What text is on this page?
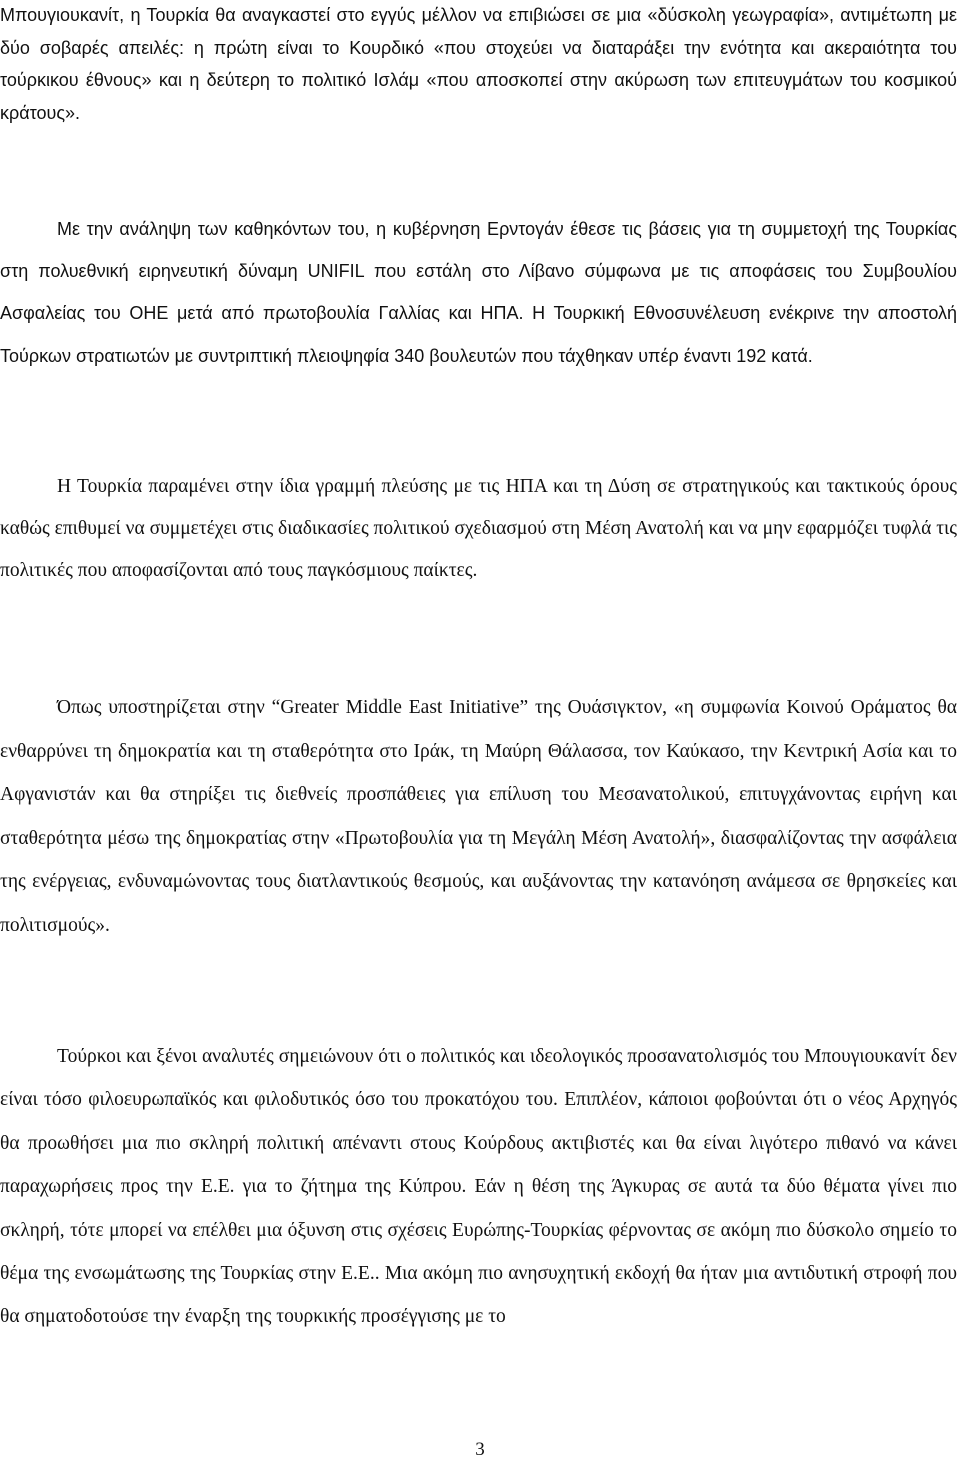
Μπουγιουκανίτ, η Τουρκία θα αναγκαστεί στο εγγύς μέλλον να επιβιώσει σε μια «δύσκολη γεωγραφία», αντιμέτωπη με δύο σοβαρές απειλές: η πρώτη είναι το Κουρδικό «που στοχεύει να διαταράξει την ενότητα και ακεραιότητα του τούρκικου έθνους» και η δεύτερη το πολιτικό Ισλάμ «που αποσκοπεί στην ακύρωση των επιτευγμάτων του κοσμικού κράτους».

Με την ανάληψη των καθηκόντων του, η κυβέρνηση Ερντογάν έθεσε τις βάσεις για τη συμμετοχή της Τουρκίας στη πολυεθνική ειρηνευτική δύναμη UNIFIL που εστάλη στο Λίβανο σύμφωνα με τις αποφάσεις του Συμβουλίου Ασφαλείας του ΟΗΕ μετά από πρωτοβουλία Γαλλίας και ΗΠΑ. Η Τουρκική Εθνοσυνέλευση ενέκρινε την αποστολή Τούρκων στρατιωτών με συντριπτική πλειοψηφία 340 βουλευτών που τάχθηκαν υπέρ έναντι 192 κατά.

Η Τουρκία παραμένει στην ίδια γραμμή πλεύσης με τις ΗΠΑ και τη Δύση σε στρατηγικούς και τακτικούς όρους καθώς επιθυμεί να συμμετέχει στις διαδικασίες πολιτικού σχεδιασμού στη Μέση Ανατολή και να μην εφαρμόζει τυφλά τις πολιτικές που αποφασίζονται από τους παγκόσμιους παίκτες.

Όπως υποστηρίζεται στην “Greater Middle East Initiative” της Ουάσιγκτον, «η συμφωνία Κοινού Οράματος θα ενθαρρύνει τη δημοκρατία και τη σταθερότητα στο Ιράκ, τη Μαύρη Θάλασσα, τον Καύκασο, την Κεντρική Ασία και το Αφγανιστάν και θα στηρίξει τις διεθνείς προσπάθειες για επίλυση του Μεσανατολικού, επιτυγχάνοντας ειρήνη και σταθερότητα μέσω της δημοκρατίας στην «Πρωτοβουλία για τη Μεγάλη Μέση Ανατολή», διασφαλίζοντας την ασφάλεια της ενέργειας, ενδυναμώνοντας τους διατλαντικούς θεσμούς, και αυξάνοντας την κατανόηση ανάμεσα σε θρησκείες και πολιτισμούς».

Τούρκοι και ξένοι αναλυτές σημειώνουν ότι ο πολιτικός και ιδεολογικός προσανατολισμός του Μπουγιουκανίτ δεν είναι τόσο φιλοευρωπαϊκός και φιλοδυτικός όσο του προκατόχου του. Επιπλέον, κάποιοι φοβούνται ότι ο νέος Αρχηγός θα προωθήσει μια πιο σκληρή πολιτική απέναντι στους Κούρδους ακτιβιστές και θα είναι λιγότερο πιθανό να κάνει παραχωρήσεις προς την Ε.Ε. για το ζήτημα της Κύπρου. Εάν η θέση της Άγκυρας σε αυτά τα δύο θέματα γίνει πιο σκληρή, τότε μπορεί να επέλθει μια όξυνση στις σχέσεις Ευρώπης-Τουρκίας φέρνοντας σε ακόμη πιο δύσκολο σημείο το θέμα της ενσωμάτωσης της Τουρκίας στην Ε.Ε.. Μια ακόμη πιο ανησυχητική εκδοχή θα ήταν μια αντιδυτική στροφή που θα σηματοδοτούσε την έναρξη της τουρκικής προσέγγισης με το

3
